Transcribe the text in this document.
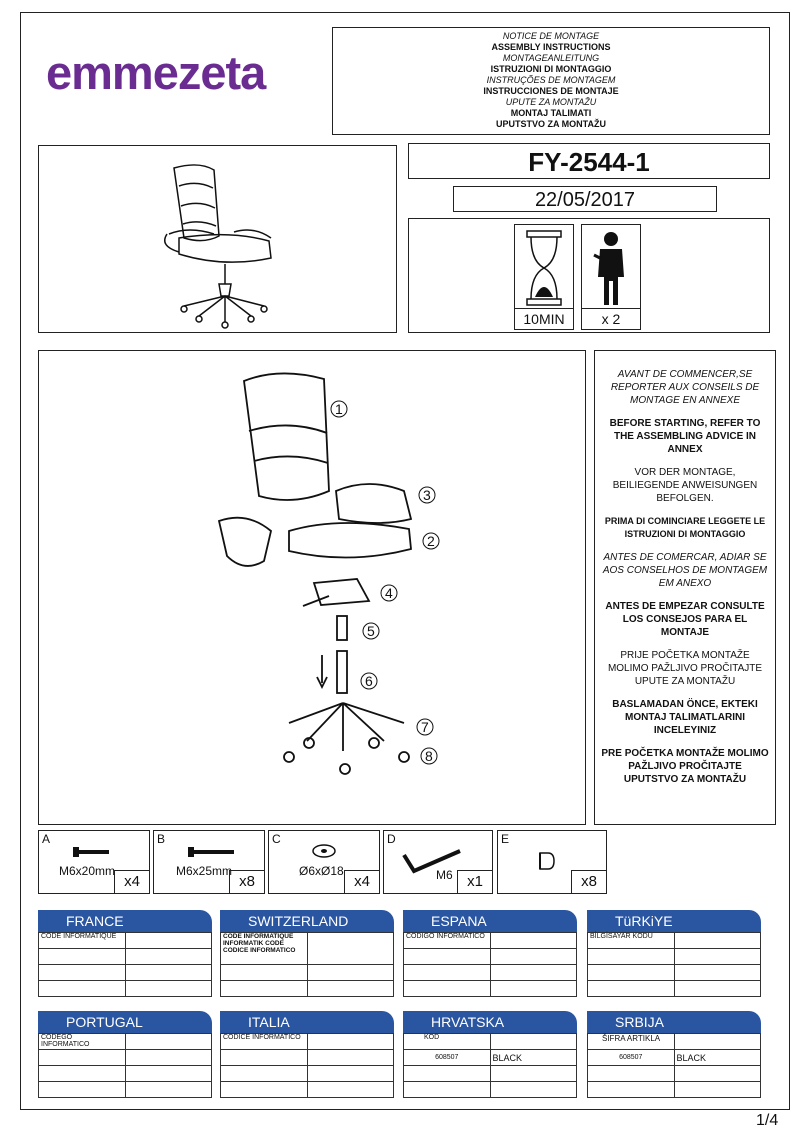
emmezeta
NOTICE DE MONTAGE
ASSEMBLY INSTRUCTIONS
MONTAGEANLEITUNG
ISTRUZIONI DI MONTAGGIO
INSTRUÇÕES DE MONTAGEM
INSTRUCCIONES DE MONTAJE
UPUTE ZA MONTAŽU
MONTAJ TALIMATI
UPUTSTVO ZA MONTAŽU
FY-2544-1
22/05/2017
10MIN	x 2
1
2
3
4
5
6
7
8

AVANT DE COMMENCER,SE REPORTER AUX CONSEILS DE MONTAGE EN ANNEXE

BEFORE STARTING, REFER TO THE ASSEMBLING ADVICE IN ANNEX

VOR DER MONTAGE, BEILIEGENDE ANWEISUNGEN BEFOLGEN.

PRIMA DI COMINCIARE LEGGETE LE ISTRUZIONI DI MONTAGGIO

ANTES DE COMERCAR, ADIAR SE AOS CONSELHOS DE MONTAGEM EM ANEXO

ANTES DE EMPEZAR CONSULTE LOS CONSEJOS PARA EL MONTAJE

PRIJE POČETKA MONTAŽE MOLIMO PAŽLJIVO PROČITAJTE UPUTE ZA MONTAŽU

BASLAMADAN ÖNCE, EKTEKI MONTAJ TALIMATLARINI INCELEYINIZ

PRE POČETKA MONTAŽE MOLIMO PAŽLJIVO PROČITAJTE UPUTSTVO ZA MONTAŽU

A
M6x20mm
x4
B
M6x25mm
x8
C
Ø6xØ18
x4
D
M6 x1
E
x8
FRANCE
CODE INFORMATIQUE	

SWITZERLAND
CODE INFORMATIQUE INFORMATIK CODE CODICE INFORMATICO	

ESPANA
CODIGO INFORMATICO	

TüRKiYE
BİLGİSAYAR KODU	

PORTUGAL
CODEGO INFORMATICO	

ITALIA
CODICE INFORMATICO	

HRVATSKA
KOD	
608507	BLACK

SRBIJA
ŠIFRA ARTIKLA	
608507	BLACK

1/4
